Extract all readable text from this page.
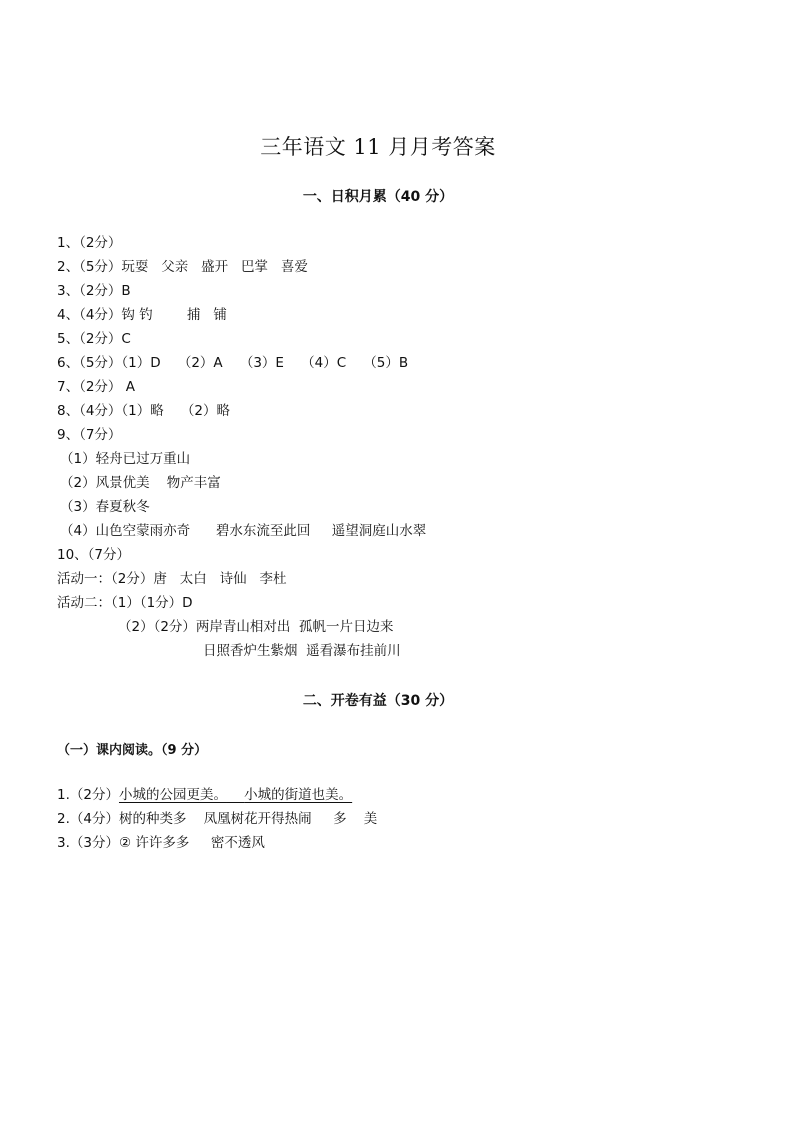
三年语文 11 月月考答案
一、日积月累（40 分）
1、（2分）
2、（5分）玩耍   父亲   盛开   巴掌   喜爱
3、（2分）B
4、（4分）钩 钓        捕   铺
5、（2分）C
6、（5分）（1）D    （2）A    （3）E    （4）C    （5）B
7、（2分） A
8、（4分）（1）略    （2）略
9、（7分）
（1）轻舟已过万重山
（2）风景优美    物产丰富
（3）春夏秋冬
（4）山色空蒙雨亦奇      碧水东流至此回     遥望洞庭山水翠
10、（7分）
活动一：（2分）唐   太白   诗仙   李杜
活动二：（1）（1分）D
（2）（2分）两岸青山相对出  孤帆一片日边来
日照香炉生紫烟  遥看瀑布挂前川
二、开卷有益（30 分）
（一）课内阅读。（9 分）
1.（2分）小城的公园更美。 小城的街道也美。
2.（4分）树的种类多    凤凰树花开得热闹     多    美
3.（3分）② 许许多多     密不透风
